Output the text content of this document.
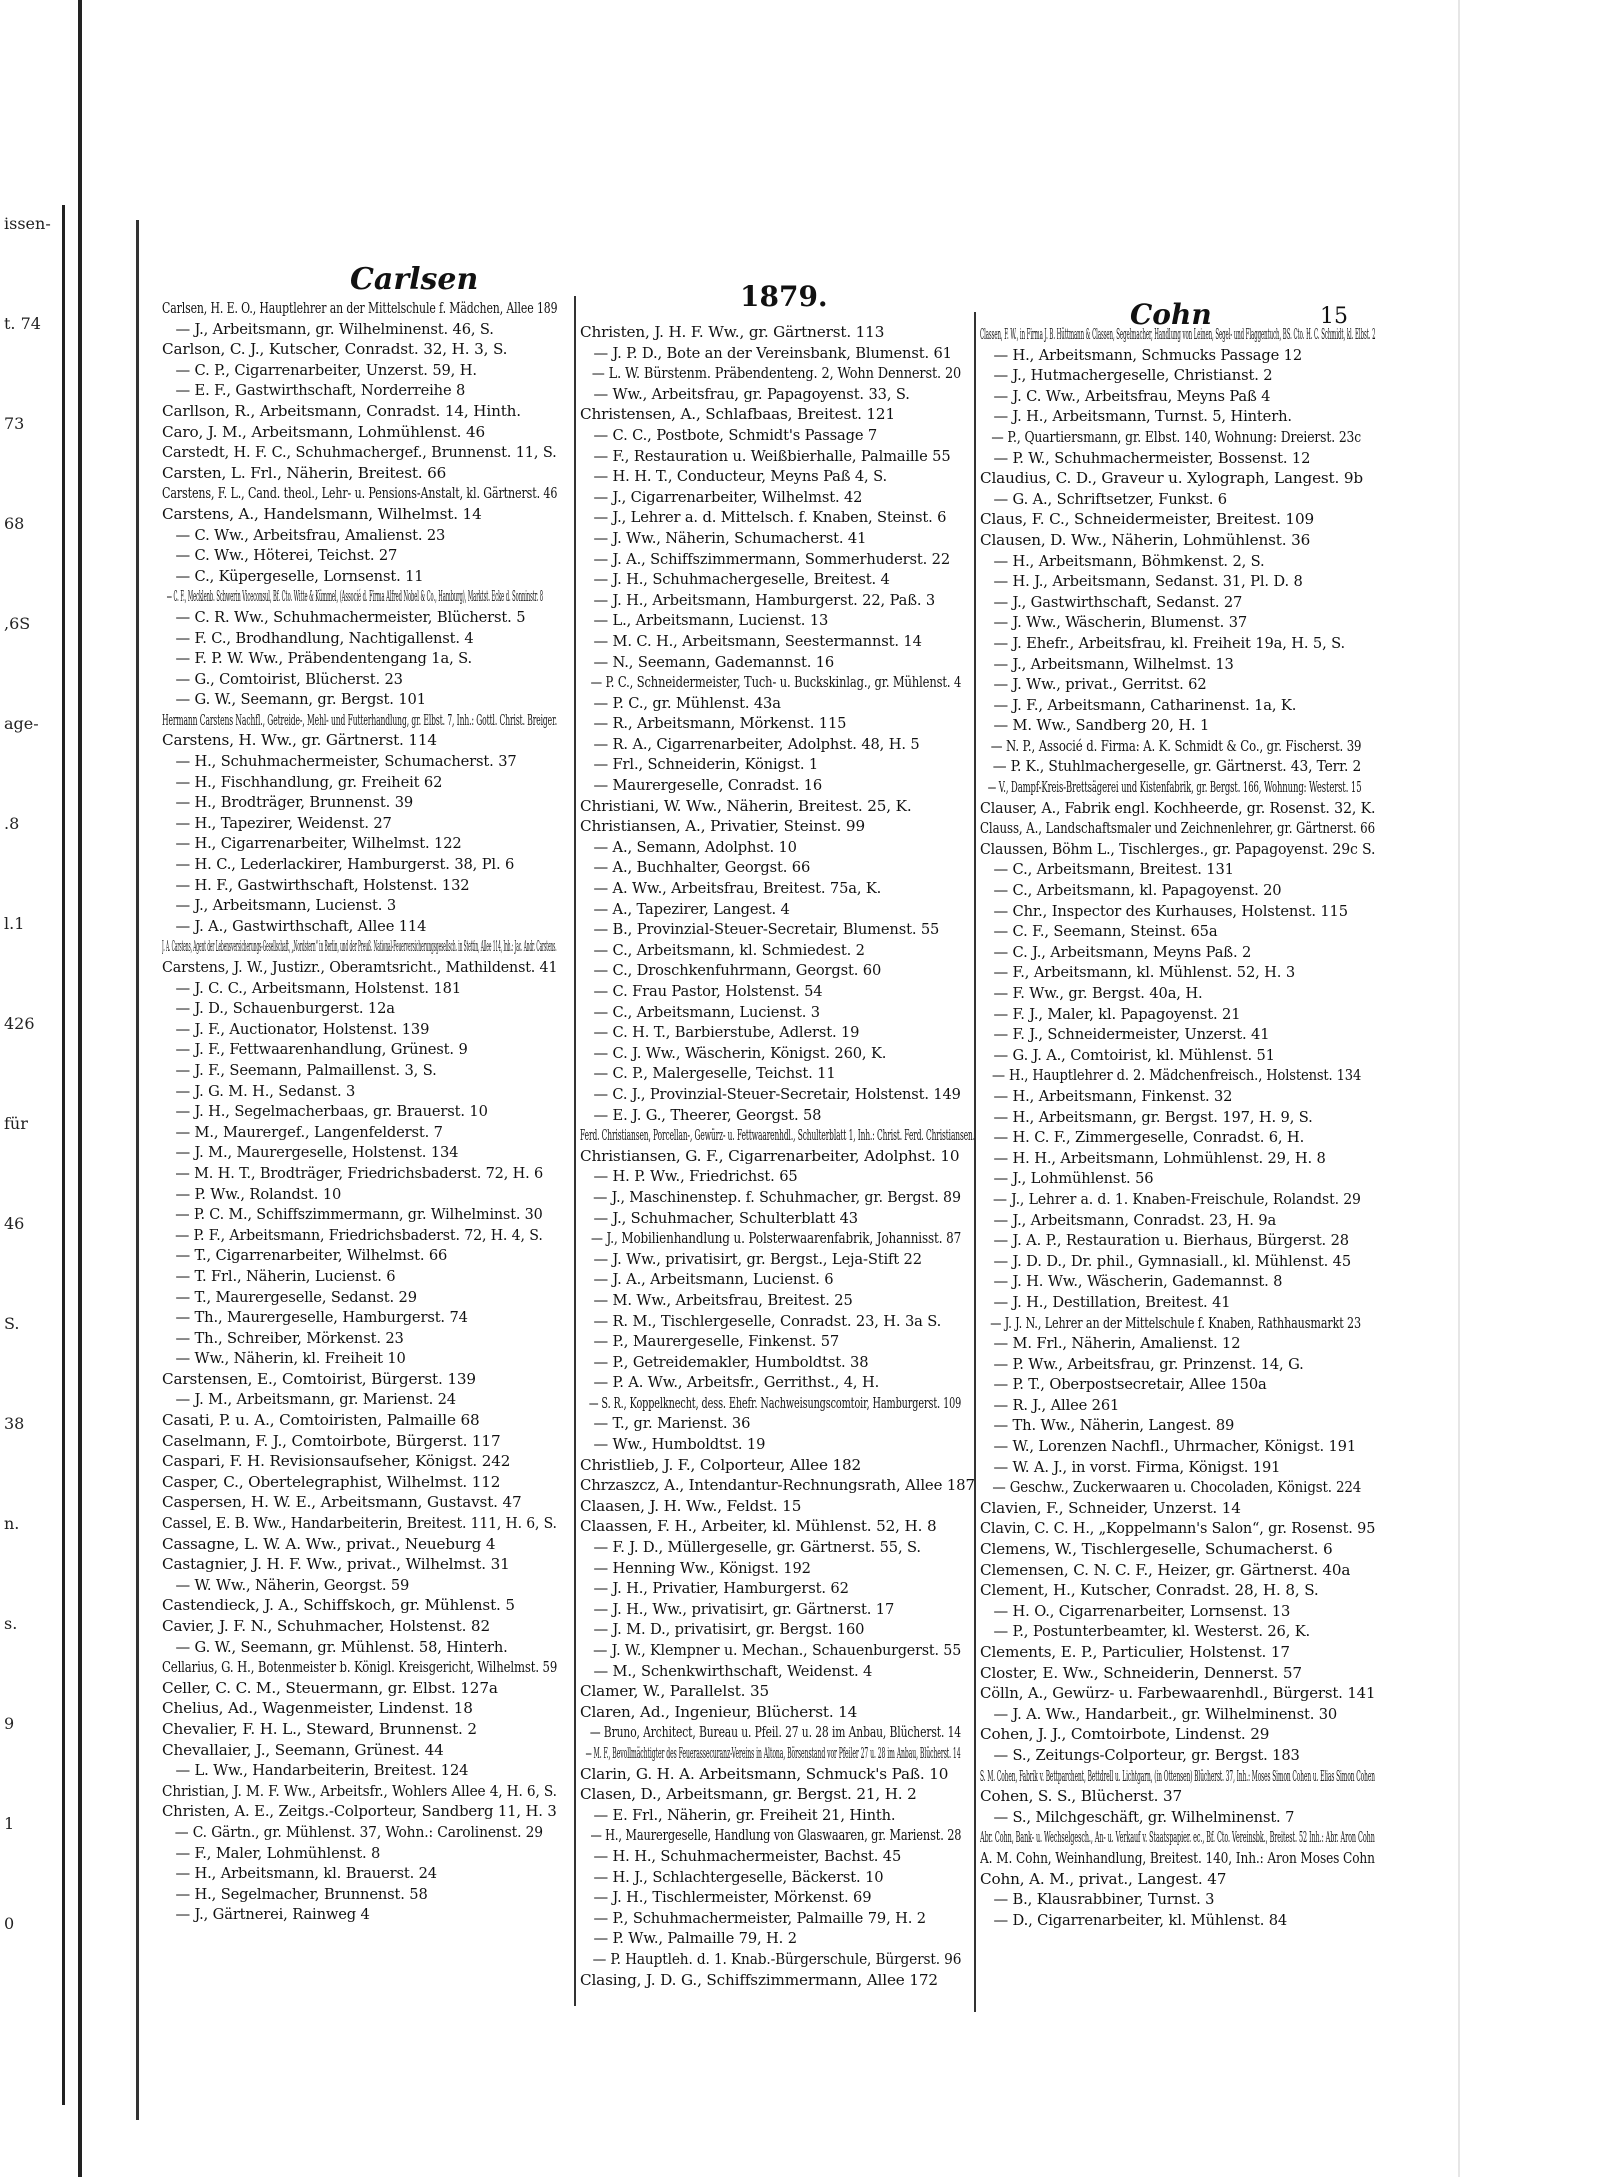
issen-
t. 74
73
68
,6S
age-
.8
l.1
426
für
46
S.
38
n.
s.
9
1
0
Carlsen	1879.
Cohn	15
Carlsen, H. E. O., Hauptlehrer an der Mittelschule f. Mädchen, Allee 189
— J., Arbeitsmann, gr. Wilhelminenst. 46, S.
Carlson, C. J., Kutscher, Conradst. 32, H. 3, S.
— C. P., Cigarrenarbeiter, Unzerst. 59, H.
— E. F., Gastwirthschaft, Norderreihe 8
Carllson, R., Arbeitsmann, Conradst. 14, Hinth.
Caro, J. M., Arbeitsmann, Lohmühlenst. 46
Carstedt, H. F. C., Schuhmachergef., Brunnenst. 11, S.
Carsten, L. Frl., Näherin, Breitest. 66
Carstens, F. L., Cand. theol., Lehr- u. Pensions-Anstalt, kl. Gärtnerst. 46
Carstens, A., Handelsmann, Wilhelmst. 14
— C. Ww., Arbeitsfrau, Amalienst. 23
— C. Ww., Höterei, Teichst. 27
— C., Küpergeselle, Lornsenst. 11
— C. F., Mecklenb. Schwerin Viceconsul, Bf. Cto. Witte & Kümmel, (Associé d. Firma Alfred Nobel & Co., Hamburg), Marktst. Ecke d. Sonninstr. 8
— C. R. Ww., Schuhmachermeister, Blücherst. 5
— F. C., Brodhandlung, Nachtigallenst. 4
— F. P. W. Ww., Präbendentengang 1a, S.
— G., Comtoirist, Blücherst. 23
— G. W., Seemann, gr. Bergst. 101
Hermann Carstens Nachfl., Getreide-, Mehl- und Futterhandlung, gr. Elbst. 7, Inh.: Gottl. Christ. Breiger.
Carstens, H. Ww., gr. Gärtnerst. 114
— H., Schuhmachermeister, Schumacherst. 37
— H., Fischhandlung, gr. Freiheit 62
— H., Brodträger, Brunnenst. 39
— H., Tapezirer, Weidenst. 27
— H., Cigarrenarbeiter, Wilhelmst. 122
— H. C., Lederlackirer, Hamburgerst. 38, Pl. 6
— H. F., Gastwirthschaft, Holstenst. 132
— J., Arbeitsmann, Lucienst. 3
— J. A., Gastwirthschaft, Allee 114
J. A. Carstens, Agent der Lebensversicherungs-Gesellschaft, „Nordstern“ in Berlin, und der Preuß. National-Feuerversicherungsgesellsch. in Stettin, Allee 114, Inh.: Jac. Andr. Carstens.
Carstens, J. W., Justizr., Oberamtsricht., Mathildenst. 41
— J. C. C., Arbeitsmann, Holstenst. 181
— J. D., Schauenburgerst. 12a
— J. F., Auctionator, Holstenst. 139
— J. F., Fettwaarenhandlung, Grünest. 9
— J. F., Seemann, Palmaillenst. 3, S.
— J. G. M. H., Sedanst. 3
— J. H., Segelmacherbaas, gr. Brauerst. 10
— M., Maurergef., Langenfelderst. 7
— J. M., Maurergeselle, Holstenst. 134
— M. H. T., Brodträger, Friedrichsbaderst. 72, H. 6
— P. Ww., Rolandst. 10
— P. C. M., Schiffszimmermann, gr. Wilhelminst. 30
— P. F., Arbeitsmann, Friedrichsbaderst. 72, H. 4, S.
— T., Cigarrenarbeiter, Wilhelmst. 66
— T. Frl., Näherin, Lucienst. 6
— T., Maurergeselle, Sedanst. 29
— Th., Maurergeselle, Hamburgerst. 74
— Th., Schreiber, Mörkenst. 23
— Ww., Näherin, kl. Freiheit 10
Carstensen, E., Comtoirist, Bürgerst. 139
— J. M., Arbeitsmann, gr. Marienst. 24
Casati, P. u. A., Comtoiristen, Palmaille 68
Caselmann, F. J., Comtoirbote, Bürgerst. 117
Caspari, F. H. Revisionsaufseher, Königst. 242
Casper, C., Obertelegraphist, Wilhelmst. 112
Caspersen, H. W. E., Arbeitsmann, Gustavst. 47
Cassel, E. B. Ww., Handarbeiterin, Breitest. 111, H. 6, S.
Cassagne, L. W. A. Ww., privat., Neueburg 4
Castagnier, J. H. F. Ww., privat., Wilhelmst. 31
— W. Ww., Näherin, Georgst. 59
Castendieck, J. A., Schiffskoch, gr. Mühlenst. 5
Cavier, J. F. N., Schuhmacher, Holstenst. 82
— G. W., Seemann, gr. Mühlenst. 58, Hinterh.
Cellarius, G. H., Botenmeister b. Königl. Kreisgericht, Wilhelmst. 59
Celler, C. C. M., Steuermann, gr. Elbst. 127a
Chelius, Ad., Wagenmeister, Lindenst. 18
Chevalier, F. H. L., Steward, Brunnenst. 2
Chevallaier, J., Seemann, Grünest. 44
— L. Ww., Handarbeiterin, Breitest. 124
Christian, J. M. F. Ww., Arbeitsfr., Wohlers Allee 4, H. 6, S.
Christen, A. E., Zeitgs.-Colporteur, Sandberg 11, H. 3
— C. Gärtn., gr. Mühlenst. 37, Wohn.: Carolinenst. 29
— F., Maler, Lohmühlenst. 8
— H., Arbeitsmann, kl. Brauerst. 24
— H., Segelmacher, Brunnenst. 58
— J., Gärtnerei, Rainweg 4
Christen, J. H. F. Ww., gr. Gärtnerst. 113
— J. P. D., Bote an der Vereinsbank, Blumenst. 61
— L. W. Bürstenm. Präbendenteng. 2, Wohn Dennerst. 20
— Ww., Arbeitsfrau, gr. Papagoyenst. 33, S.
Christensen, A., Schlafbaas, Breitest. 121
— C. C., Postbote, Schmidt's Passage 7
— F., Restauration u. Weißbierhalle, Palmaille 55
— H. H. T., Conducteur, Meyns Paß 4, S.
— J., Cigarrenarbeiter, Wilhelmst. 42
— J., Lehrer a. d. Mittelsch. f. Knaben, Steinst. 6
— J. Ww., Näherin, Schumacherst. 41
— J. A., Schiffszimmermann, Sommerhuderst. 22
— J. H., Schuhmachergeselle, Breitest. 4
— J. H., Arbeitsmann, Hamburgerst. 22, Paß. 3
— L., Arbeitsmann, Lucienst. 13
— M. C. H., Arbeitsmann, Seestermannst. 14
— N., Seemann, Gademannst. 16
— P. C., Schneidermeister, Tuch- u. Buckskinlag., gr. Mühlenst. 4
— P. C., gr. Mühlenst. 43a
— R., Arbeitsmann, Mörkenst. 115
— R. A., Cigarrenarbeiter, Adolphst. 48, H. 5
— Frl., Schneiderin, Königst. 1
— Maurergeselle, Conradst. 16
Christiani, W. Ww., Näherin, Breitest. 25, K.
Christiansen, A., Privatier, Steinst. 99
— A., Semann, Adolphst. 10
— A., Buchhalter, Georgst. 66
— A. Ww., Arbeitsfrau, Breitest. 75a, K.
— A., Tapezirer, Langest. 4
— B., Provinzial-Steuer-Secretair, Blumenst. 55
— C., Arbeitsmann, kl. Schmiedest. 2
— C., Droschkenfuhrmann, Georgst. 60
— C. Frau Pastor, Holstenst. 54
— C., Arbeitsmann, Lucienst. 3
— C. H. T., Barbierstube, Adlerst. 19
— C. J. Ww., Wäscherin, Königst. 260, K.
— C. P., Malergeselle, Teichst. 11
— C. J., Provinzial-Steuer-Secretair, Holstenst. 149
— E. J. G., Theerer, Georgst. 58
Ferd. Christiansen, Porcellan-, Gewürz- u. Fettwaarenhdl., Schulterblatt 1, Inh.: Christ. Ferd. Christiansen.
Christiansen, G. F., Cigarrenarbeiter, Adolphst. 10
— H. P. Ww., Friedrichst. 65
— J., Maschinenstep. f. Schuhmacher, gr. Bergst. 89
— J., Schuhmacher, Schulterblatt 43
— J., Mobilienhandlung u. Polsterwaarenfabrik, Johannisst. 87
— J. Ww., privatisirt, gr. Bergst., Leja-Stift 22
— J. A., Arbeitsmann, Lucienst. 6
— M. Ww., Arbeitsfrau, Breitest. 25
— R. M., Tischlergeselle, Conradst. 23, H. 3a S.
— P., Maurergeselle, Finkenst. 57
— P., Getreidemakler, Humboldtst. 38
— P. A. Ww., Arbeitsfr., Gerrithst., 4, H.
— S. R., Koppelknecht, dess. Ehefr. Nachweisungscomtoir, Hamburgerst. 109
— T., gr. Marienst. 36
— Ww., Humboldtst. 19
Christlieb, J. F., Colporteur, Allee 182
Chrzaszcz, A., Intendantur-Rechnungsrath, Allee 187
Claasen, J. H. Ww., Feldst. 15
Claassen, F. H., Arbeiter, kl. Mühlenst. 52, H. 8
— F. J. D., Müllergeselle, gr. Gärtnerst. 55, S.
— Henning Ww., Königst. 192
— J. H., Privatier, Hamburgerst. 62
— J. H., Ww., privatisirt, gr. Gärtnerst. 17
— J. M. D., privatisirt, gr. Bergst. 160
— J. W., Klempner u. Mechan., Schauenburgerst. 55
— M., Schenkwirthschaft, Weidenst. 4
Clamer, W., Parallelst. 35
Claren, Ad., Ingenieur, Blücherst. 14
— Bruno, Architect, Bureau u. Pfeil. 27 u. 28 im Anbau, Blücherst. 14
— M. F., Bevollmächtigter des Feuerassecuranz-Vereins in Altona, Börsenstand vor Pfeiler 27 u. 28 im Anbau, Blücherst. 14
Clarin, G. H. A. Arbeitsmann, Schmuck's Paß. 10
Clasen, D., Arbeitsmann, gr. Bergst. 21, H. 2
— E. Frl., Näherin, gr. Freiheit 21, Hinth.
— H., Maurergeselle, Handlung von Glaswaaren, gr. Marienst. 28
— H. H., Schuhmachermeister, Bachst. 45
— H. J., Schlachtergeselle, Bäckerst. 10
— J. H., Tischlermeister, Mörkenst. 69
— P., Schuhmachermeister, Palmaille 79, H. 2
— P. Ww., Palmaille 79, H. 2
— P. Hauptleh. d. 1. Knab.-Bürgerschule, Bürgerst. 96
Clasing, J. D. G., Schiffszimmermann, Allee 172
Classen, F. W., in Firma J. B. Hüttmann & Classen, Segelmacher, Handlung von Leinen, Segel- und Flaggentuch, BS. Cto. H. C. Schmidt, kl. Elbst. 2
— H., Arbeitsmann, Schmucks Passage 12
— J., Hutmachergeselle, Christianst. 2
— J. C. Ww., Arbeitsfrau, Meyns Paß 4
— J. H., Arbeitsmann, Turnst. 5, Hinterh.
— P., Quartiersmann, gr. Elbst. 140, Wohnung: Dreierst. 23c
— P. W., Schuhmachermeister, Bossenst. 12
Claudius, C. D., Graveur u. Xylograph, Langest. 9b
— G. A., Schriftsetzer, Funkst. 6
Claus, F. C., Schneidermeister, Breitest. 109
Clausen, D. Ww., Näherin, Lohmühlenst. 36
— H., Arbeitsmann, Böhmkenst. 2, S.
— H. J., Arbeitsmann, Sedanst. 31, Pl. D. 8
— J., Gastwirthschaft, Sedanst. 27
— J. Ww., Wäscherin, Blumenst. 37
— J. Ehefr., Arbeitsfrau, kl. Freiheit 19a, H. 5, S.
— J., Arbeitsmann, Wilhelmst. 13
— J. Ww., privat., Gerritst. 62
— J. F., Arbeitsmann, Catharinenst. 1a, K.
— M. Ww., Sandberg 20, H. 1
— N. P., Associé d. Firma: A. K. Schmidt & Co., gr. Fischerst. 39
— P. K., Stuhlmachergeselle, gr. Gärtnerst. 43, Terr. 2
— V., Dampf-Kreis-Brettsägerei und Kistenfabrik, gr. Bergst. 166, Wohnung: Westerst. 15
Clauser, A., Fabrik engl. Kochheerde, gr. Rosenst. 32, K.
Clauss, A., Landschaftsmaler und Zeichnenlehrer, gr. Gärtnerst. 66
Claussen, Böhm L., Tischlerges., gr. Papagoyenst. 29c S.
— C., Arbeitsmann, Breitest. 131
— C., Arbeitsmann, kl. Papagoyenst. 20
— Chr., Inspector des Kurhauses, Holstenst. 115
— C. F., Seemann, Steinst. 65a
— C. J., Arbeitsmann, Meyns Paß. 2
— F., Arbeitsmann, kl. Mühlenst. 52, H. 3
— F. Ww., gr. Bergst. 40a, H.
— F. J., Maler, kl. Papagoyenst. 21
— F. J., Schneidermeister, Unzerst. 41
— G. J. A., Comtoirist, kl. Mühlenst. 51
— H., Hauptlehrer d. 2. Mädchenfreisch., Holstenst. 134
— H., Arbeitsmann, Finkenst. 32
— H., Arbeitsmann, gr. Bergst. 197, H. 9, S.
— H. C. F., Zimmergeselle, Conradst. 6, H.
— H. H., Arbeitsmann, Lohmühlenst. 29, H. 8
— J., Lohmühlenst. 56
— J., Lehrer a. d. 1. Knaben-Freischule, Rolandst. 29
— J., Arbeitsmann, Conradst. 23, H. 9a
— J. A. P., Restauration u. Bierhaus, Bürgerst. 28
— J. D. D., Dr. phil., Gymnasiall., kl. Mühlenst. 45
— J. H. Ww., Wäscherin, Gademannst. 8
— J. H., Destillation, Breitest. 41
— J. J. N., Lehrer an der Mittelschule f. Knaben, Rathhausmarkt 23
— M. Frl., Näherin, Amalienst. 12
— P. Ww., Arbeitsfrau, gr. Prinzenst. 14, G.
— P. T., Oberpostsecretair, Allee 150a
— R. J., Allee 261
— Th. Ww., Näherin, Langest. 89
— W., Lorenzen Nachfl., Uhrmacher, Königst. 191
— W. A. J., in vorst. Firma, Königst. 191
— Geschw., Zuckerwaaren u. Chocoladen, Königst. 224
Clavien, F., Schneider, Unzerst. 14
Clavin, C. C. H., „Koppelmann's Salon“, gr. Rosenst. 95
Clemens, W., Tischlergeselle, Schumacherst. 6
Clemensen, C. N. C. F., Heizer, gr. Gärtnerst. 40a
Clement, H., Kutscher, Conradst. 28, H. 8, S.
— H. O., Cigarrenarbeiter, Lornsenst. 13
— P., Postunterbeamter, kl. Westerst. 26, K.
Clements, E. P., Particulier, Holstenst. 17
Closter, E. Ww., Schneiderin, Dennerst. 57
Cölln, A., Gewürz- u. Farbewaarenhdl., Bürgerst. 141
— J. A. Ww., Handarbeit., gr. Wilhelminenst. 30
Cohen, J. J., Comtoirbote, Lindenst. 29
— S., Zeitungs-Colporteur, gr. Bergst. 183
S. M. Cohen, Fabrik v. Bettparchent, Bettdrell u. Lichtgarn, (in Ottensen) Blücherst. 37, Inh.: Moses Simon Cohen u. Elias Simon Cohen
Cohen, S. S., Blücherst. 37
— S., Milchgeschäft, gr. Wilhelminenst. 7
Abr. Cohn, Bank- u. Wechselgesch., An- u. Verkauf v. Staatspapier. ec., Bf. Cto. Vereinsbk., Breitest. 52 Inh.: Abr. Aron Cohn
A. M. Cohn, Weinhandlung, Breitest. 140, Inh.: Aron Moses Cohn
Cohn, A. M., privat., Langest. 47
— B., Klausrabbiner, Turnst. 3
— D., Cigarrenarbeiter, kl. Mühlenst. 84
